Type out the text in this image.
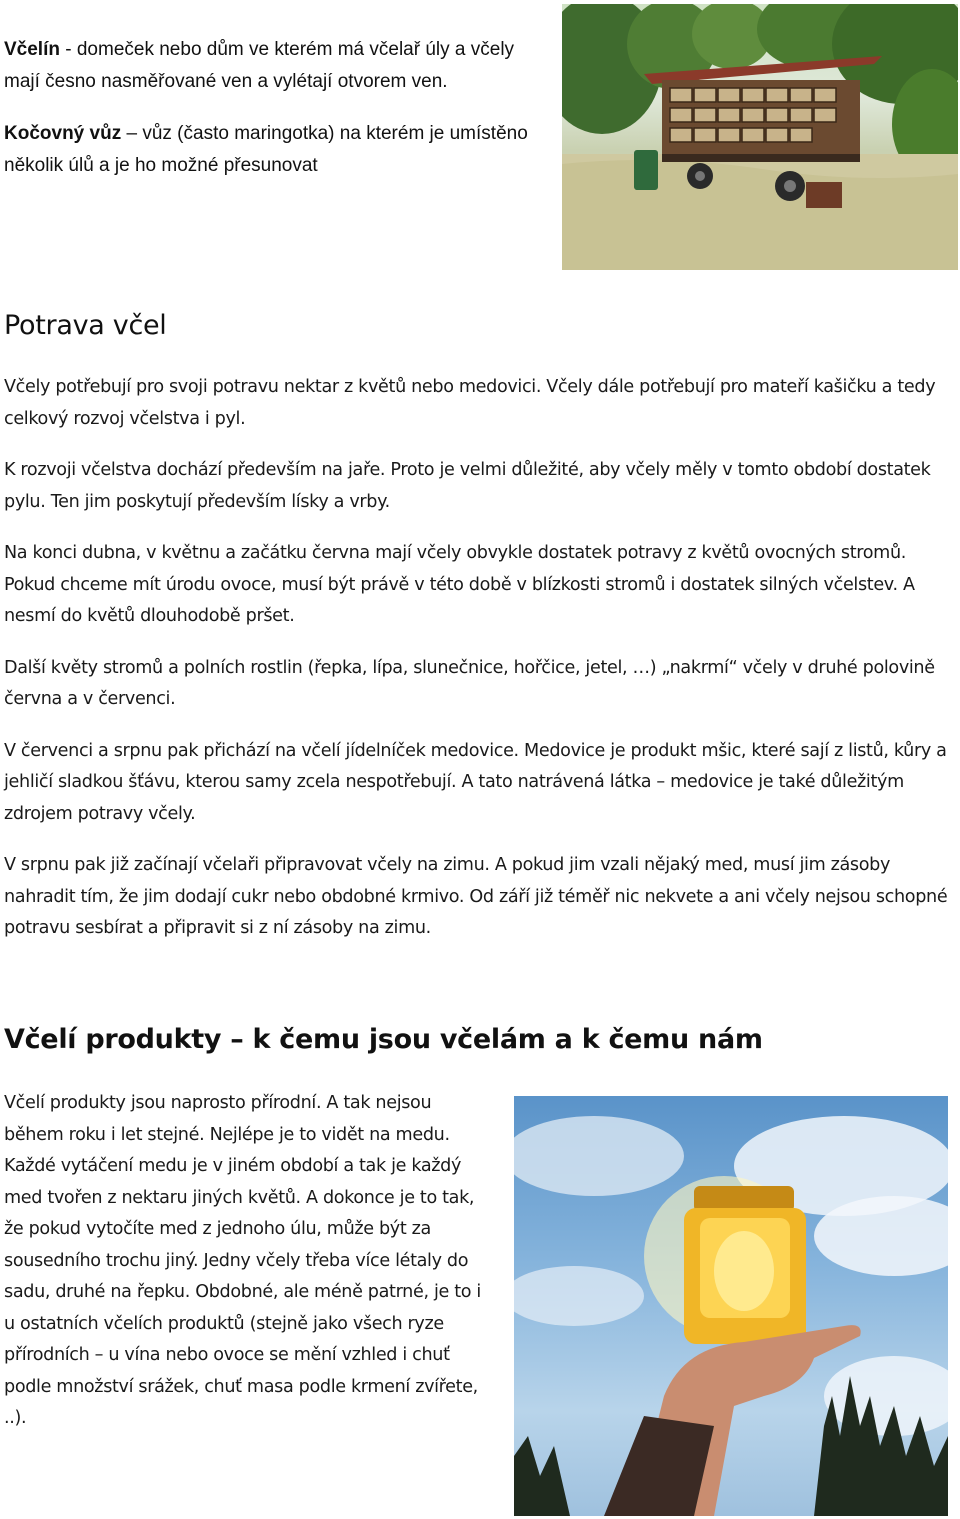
Včelín - domeček nebo dům ve kterém má včelař úly a včely mají česno nasměřované ven a vylétají otvorem ven.

Kočovný vůz – vůz (často maringotka) na kterém je umístěno několik úlů a je ho možné přesunovat

Potrava včel

Včely potřebují pro svoji potravu nektar z květů nebo medovici. Včely dále potřebují pro mateří kašičku a tedy celkový rozvoj včelstva i pyl.

K rozvoji včelstva dochází především na jaře. Proto je velmi důležité, aby včely měly v tomto období dostatek pylu. Ten jim poskytují především lísky a vrby.

Na konci dubna, v květnu a začátku června mají včely obvykle dostatek potravy z květů ovocných stromů. Pokud chceme mít úrodu ovoce, musí být právě v této době v blízkosti stromů i dostatek silných včelstev. A nesmí do květů dlouhodobě pršet.

Další květy stromů a polních rostlin (řepka, lípa, slunečnice, hořčice, jetel, …) „nakrmí“ včely v druhé polovině června a v červenci.

V červenci a srpnu pak přichází na včelí jídelníček medovice. Medovice je produkt mšic, které sají z listů, kůry a jehličí sladkou šťávu, kterou samy zcela nespotřebují. A tato natrávená látka – medovice je také důležitým zdrojem potravy včely.

V srpnu pak již začínají včelaři připravovat včely na zimu. A pokud jim vzali nějaký med, musí jim zásoby nahradit tím, že jim dodají cukr nebo obdobné krmivo. Od září již téměř nic nekvete a ani včely nejsou schopné potravu sesbírat a připravit si z ní zásoby na zimu.

Včelí produkty – k čemu jsou včelám a k čemu nám

Včelí produkty jsou naprosto přírodní. A tak nejsou během roku i let stejné. Nejlépe je to vidět na medu. Každé vytáčení medu je v jiném období a tak je každý med tvořen z nektaru jiných květů. A dokonce je to tak, že pokud vytočíte med z jednoho úlu, může být za sousedního trochu jiný. Jedny včely třeba více létaly do sadu, druhé na řepku. Obdobné, ale méně patrné, je to i u ostatních včelích produktů (stejně jako všech ryze přírodních – u vína nebo ovoce se mění vzhled i chuť podle množství srážek, chuť masa podle krmení zvířete, ..).
